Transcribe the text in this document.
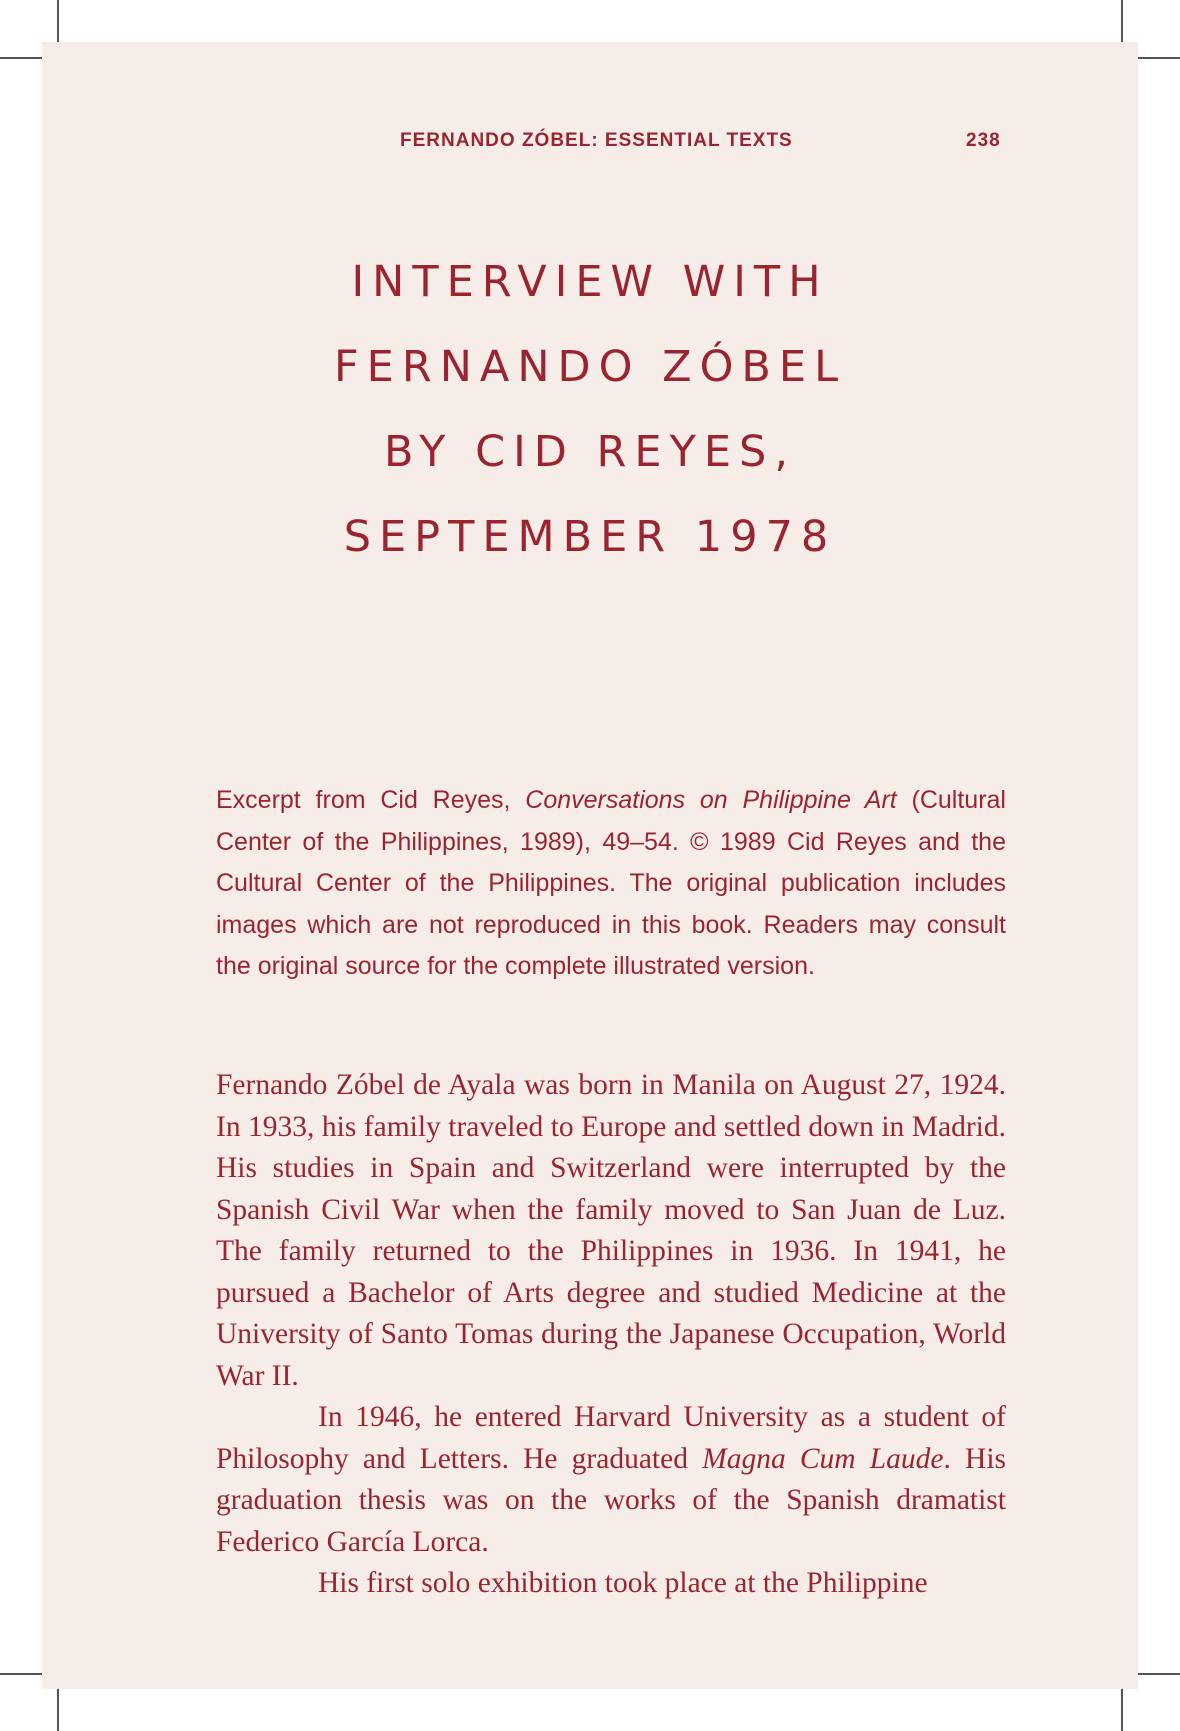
FERNANDO ZÓBEL: ESSENTIAL TEXTS	238
INTERVIEW WITH
FERNANDO ZÓBEL
BY CID REYES,
SEPTEMBER 1978
Excerpt from Cid Reyes, Conversations on Philippine Art (Cultural Center of the Philippines, 1989), 49–54. © 1989 Cid Reyes and the Cultural Center of the Philippines. The original publication includes images which are not reproduced in this book. Readers may consult the original source for the complete illustrated version.

Fernando Zóbel de Ayala was born in Manila on August 27, 1924. In 1933, his family traveled to Europe and settled down in Madrid. His studies in Spain and Switzerland were interrupted by the Spanish Civil War when the family moved to San Juan de Luz. The family returned to the Philippines in 1936. In 1941, he pursued a Bachelor of Arts degree and studied Medicine at the University of Santo Tomas during the Japanese Occupation, World War II.

In 1946, he entered Harvard University as a student of Philosophy and Letters. He graduated Magna Cum Laude. His graduation thesis was on the works of the Spanish dramatist Federico García Lorca.

His first solo exhibition took place at the Philippine
